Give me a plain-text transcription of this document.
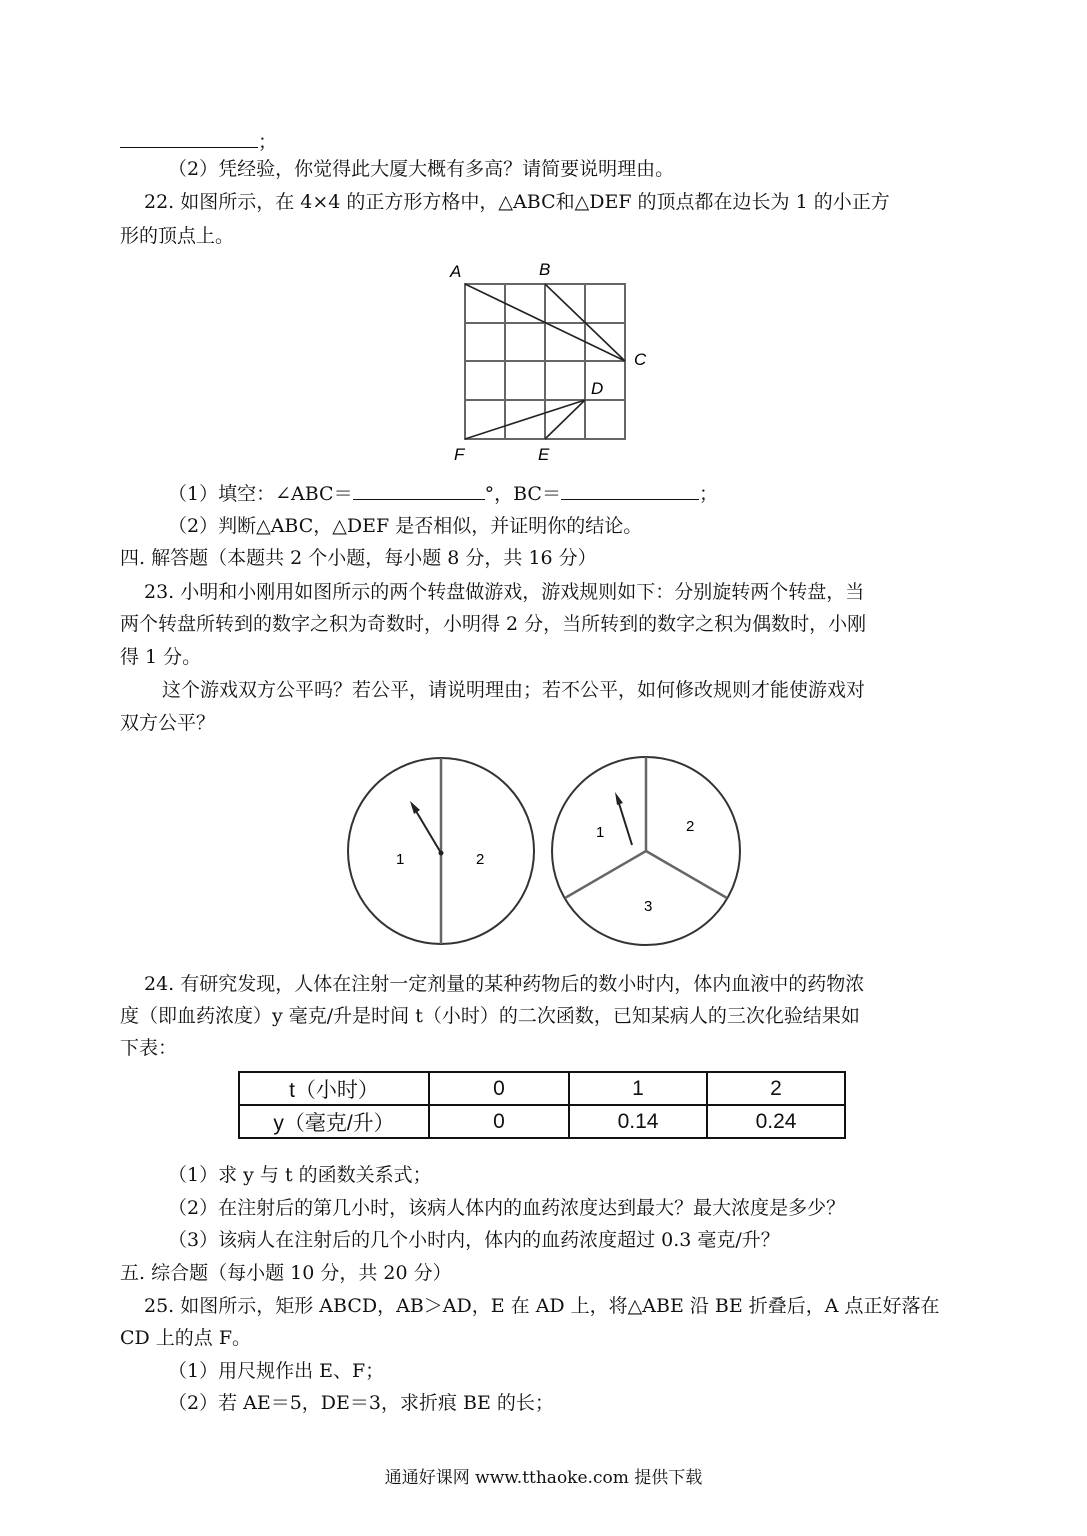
；
（2）凭经验，你觉得此大厦大概有多高？请简要说明理由。
22. 如图所示，在 4×4 的正方形方格中，△ABC和△DEF 的顶点都在边长为 1 的小正方
形的顶点上。
A	B
C
D
E
F
（1）填空：∠ABC＝	°，BC＝	；
（2）判断△ABC，△DEF 是否相似，并证明你的结论。
四. 解答题（本题共 2 个小题，每小题 8 分，共 16 分）
23. 小明和小刚用如图所示的两个转盘做游戏，游戏规则如下：分别旋转两个转盘，当
两个转盘所转到的数字之积为奇数时，小明得 2 分，当所转到的数字之积为偶数时，小刚
得 1 分。
这个游戏双方公平吗？若公平，请说明理由；若不公平，如何修改规则才能使游戏对
双方公平？
1	2
1	2
3
24. 有研究发现，人体在注射一定剂量的某种药物后的数小时内，体内血液中的药物浓
度（即血药浓度）y 毫克/升是时间 t（小时）的二次函数，已知某病人的三次化验结果如
下表：
t（小时）	0	1	2
y（毫克/升）	0	0.14	0.24
（1）求 y 与 t 的函数关系式；
（2）在注射后的第几小时，该病人体内的血药浓度达到最大？最大浓度是多少？
（3）该病人在注射后的几个小时内，体内的血药浓度超过 0.3 毫克/升？
五. 综合题（每小题 10 分，共 20 分）
25. 如图所示，矩形 ABCD，AB＞AD，E 在 AD 上，将△ABE 沿 BE 折叠后，A 点正好落在
CD 上的点 F。
（1）用尺规作出 E、F；
（2）若 AE＝5，DE＝3，求折痕 BE 的长；
通通好课网 www.tthaoke.com 提供下载
